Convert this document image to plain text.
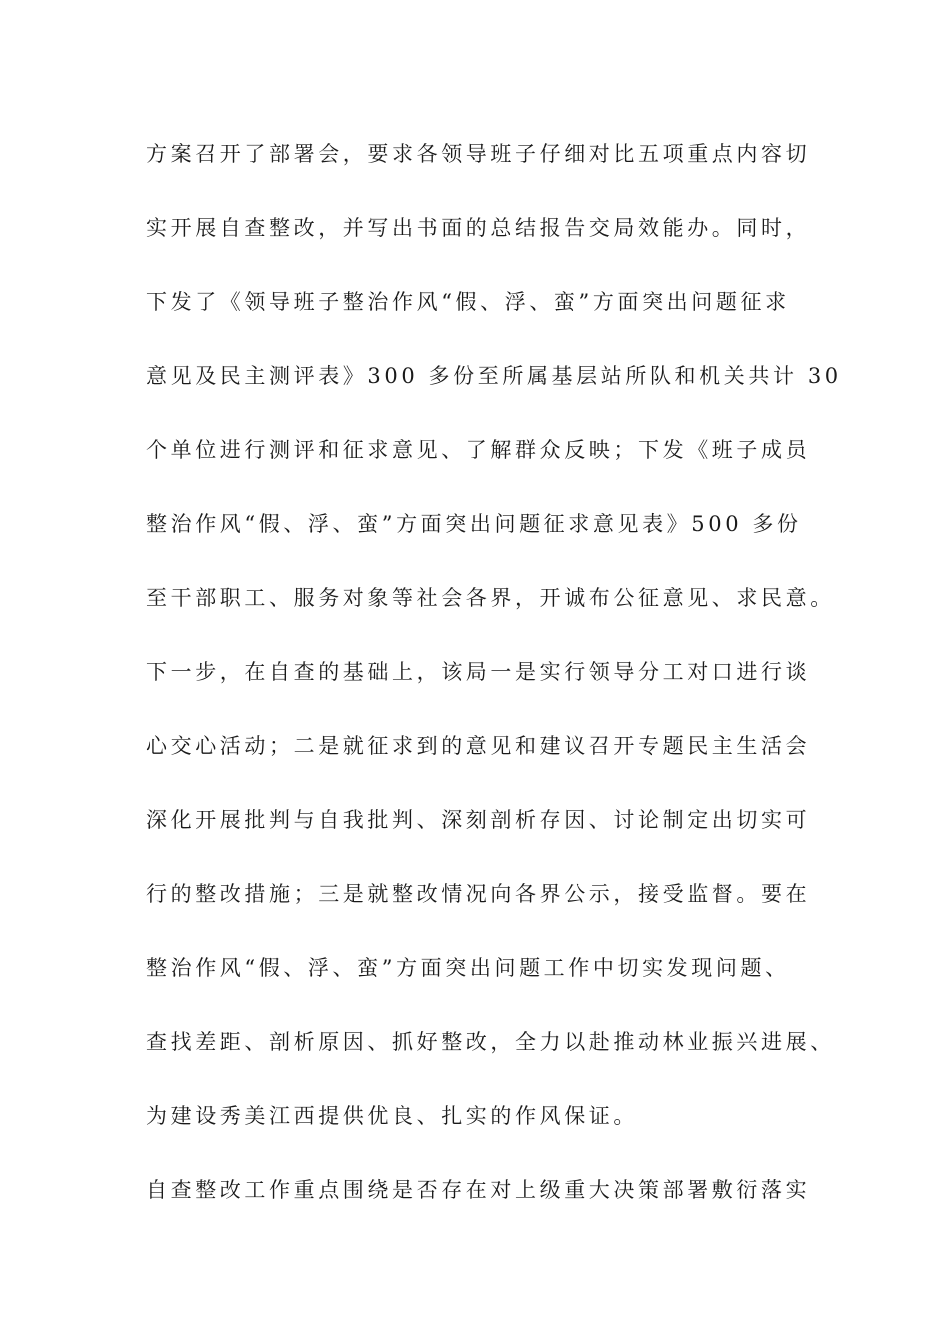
方案召开了部署会，要求各领导班子仔细对比五项重点内容切
实开展自查整改，并写出书面的总结报告交局效能办。同时，
下发了《领导班子整治作风“假、浮、蛮”方面突出问题征求
意见及民主测评表》300 多份至所属基层站所队和机关共计 30
个单位进行测评和征求意见、了解群众反映；下发《班子成员
整治作风“假、浮、蛮”方面突出问题征求意见表》500 多份
至干部职工、服务对象等社会各界，开诚布公征意见、求民意。
下一步，在自查的基础上，该局一是实行领导分工对口进行谈
心交心活动；二是就征求到的意见和建议召开专题民主生活会
深化开展批判与自我批判、深刻剖析存因、讨论制定出切实可
行的整改措施；三是就整改情况向各界公示，接受监督。要在
整治作风“假、浮、蛮”方面突出问题工作中切实发现问题、
查找差距、剖析原因、抓好整改，全力以赴推动林业振兴进展、
为建设秀美江西提供优良、扎实的作风保证。
自查整改工作重点围绕是否存在对上级重大决策部署敷衍落实
